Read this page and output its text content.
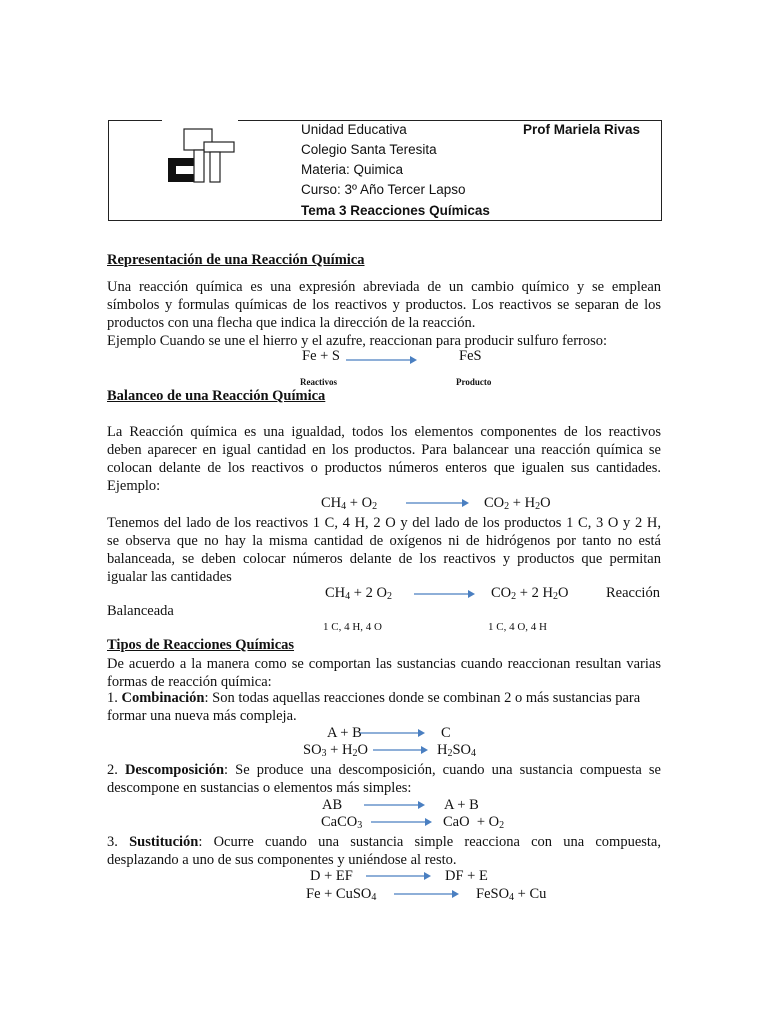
Unidad Educativa	Prof Mariela Rivas
Colegio Santa Teresita
Materia: Quimica
Curso: 3º Año Tercer Lapso
Tema 3 Reacciones Químicas
Representación de una Reacción Química
Una reacción química es una expresión abreviada de un cambio químico y se emplean
símbolos y formulas químicas de los reactivos y productos. Los reactivos se separan de los
productos con una flecha que indica la dirección de la reacción.
Ejemplo Cuando se une el hierro y el azufre, reaccionan para producir sulfuro ferroso:
Fe + S	FeS
Reactivos	Producto
Balanceo de una Reacción Química
La Reacción química es una igualdad, todos los elementos componentes de los reactivos
deben aparecer en igual cantidad en los productos. Para balancear una reacción química se
colocan delante de los reactivos o productos números enteros que igualen sus cantidades.
Ejemplo:
$CH_4 + O_2 \to CO_2 + H_2O$
Tenemos del lado de los reactivos 1 C, 4 H, 2 O y del lado de los productos 1 C, 3 O y 2 H,
se observa que no hay la misma cantidad de oxígenos ni de hidrógenos por tanto no está
balanceada, se deben colocar números delante de los reactivos y productos que permitan
igualar las cantidades
$CH_4 + 2$ $O_2 \to CO_2 + 2$ $H_2O$	Reacción
Balanceada
1 C, 4 H, 4 O	1 C, 4 O, 4 H
Tipos de Reacciones Químicas
De acuerdo a la manera como se comportan las sustancias cuando reaccionan resultan varias
formas de reacción química:
1. Combinación: Son todas aquellas reacciones donde se combinan 2 o más sustancias para
formar una nueva más compleja.
A + B	C
$SO_3 + H_2O \to H_2SO_4$
2. Descomposición: Se produce una descomposición, cuando una sustancia compuesta se
descompone en sustancias o elementos más simples:
AB → A + B
CaCO$_3$ → CaO  + $O_2$
3. Sustitución: Ocurre cuando una sustancia simple reacciona con una compuesta,
desplazando a uno de sus componentes y uniéndose al resto.
D + EF	DF + E
Fe + CuSO$_4$	FeSO$_4$ + Cu
